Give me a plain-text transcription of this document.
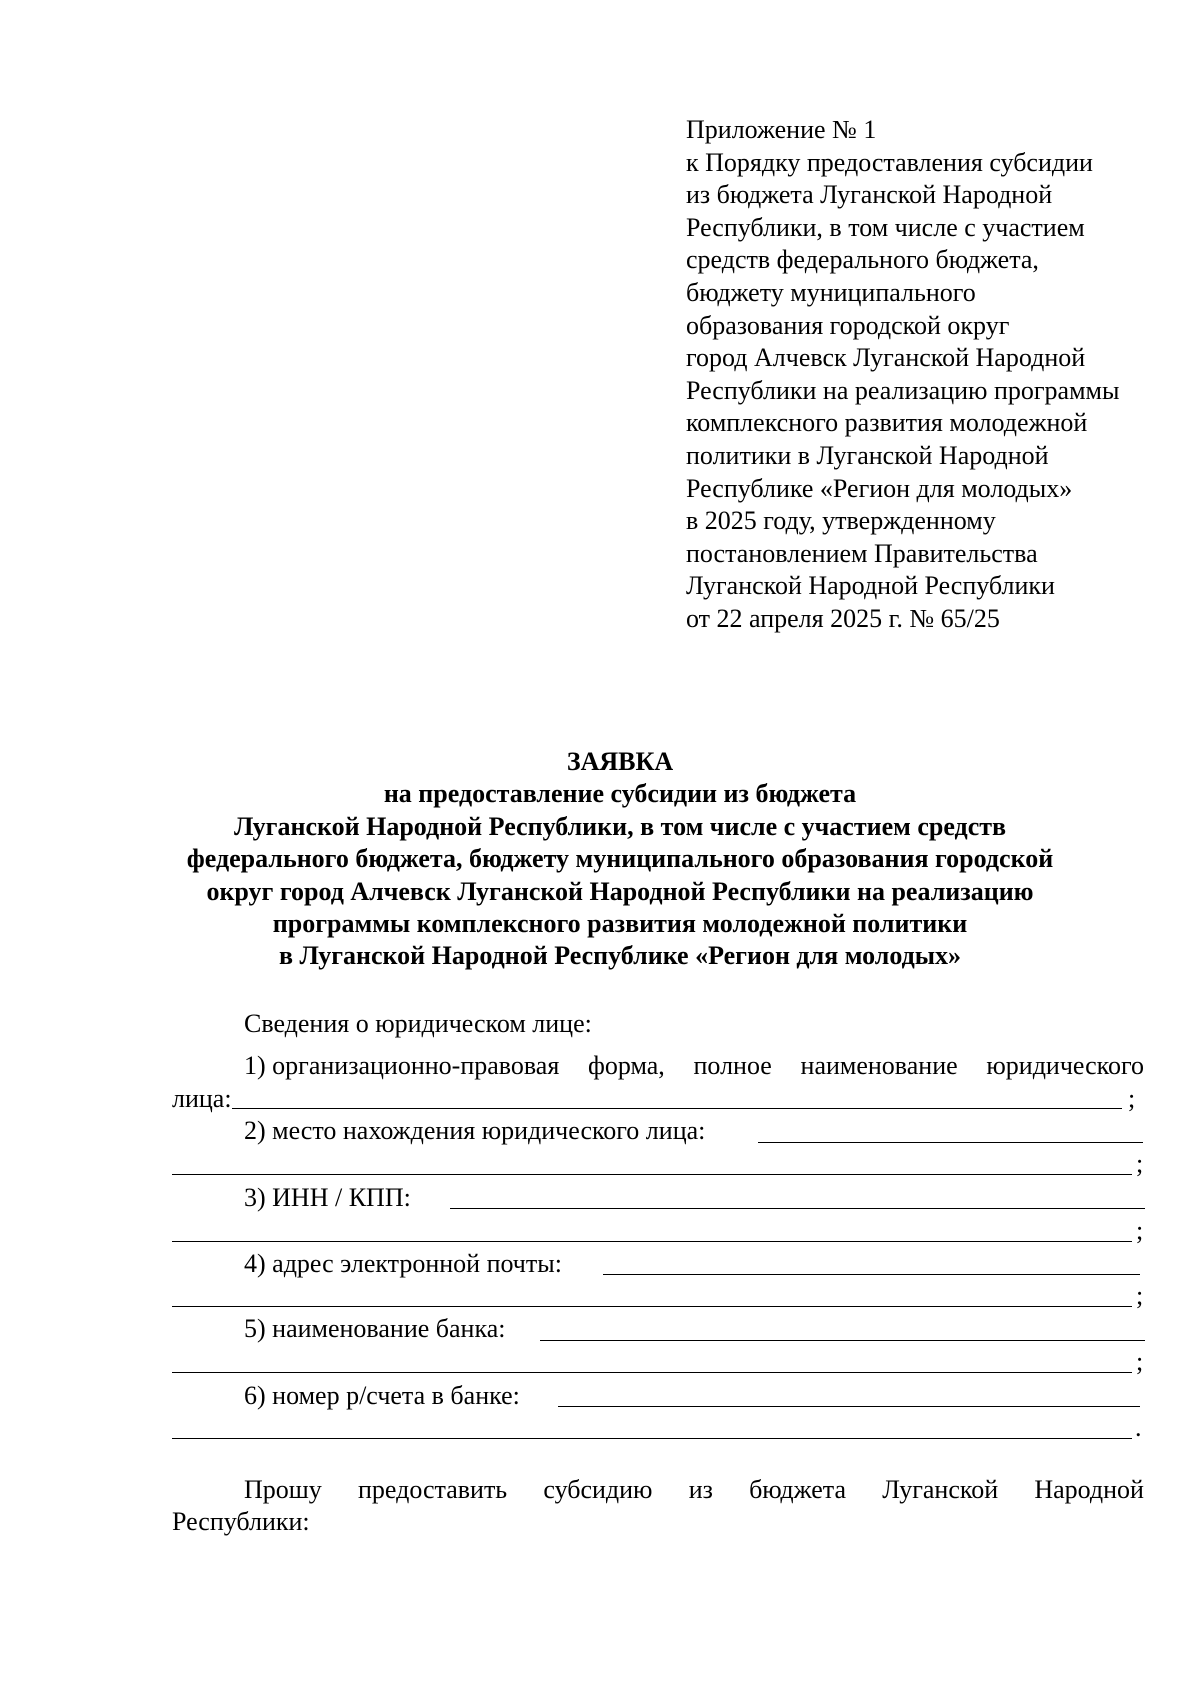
Приложение № 1
к Порядку предоставления субсидии
из бюджета Луганской Народной
Республики, в том числе с участием
средств федерального бюджета,
бюджету муниципального
образования городской округ
город Алчевск Луганской Народной
Республики на реализацию программы
комплексного развития молодежной
политики в Луганской Народной
Республике «Регион для молодых»
в 2025 году, утвержденному
постановлением Правительства
Луганской Народной Республики
от 22 апреля 2025 г. № 65/25
ЗАЯВКА
на предоставление субсидии из бюджета
Луганской Народной Республики, в том числе с участием средств
федерального бюджета, бюджету муниципального образования городской
округ город Алчевск Луганской Народной Республики на реализацию
программы комплексного развития молодежной политики
в Луганской Народной Республике «Регион для молодых»
Сведения о юридическом лице:
1) организационно-правовая форма, полное наименование юридического
лица:	;
2) место нахождения юридического лица:
;
3) ИНН / КПП:
;
4) адрес электронной почты:
;
5) наименование банка:
;
6) номер р/счета в банке:
.
Прошу предоставить субсидию из бюджета Луганской Народной
Республики:
